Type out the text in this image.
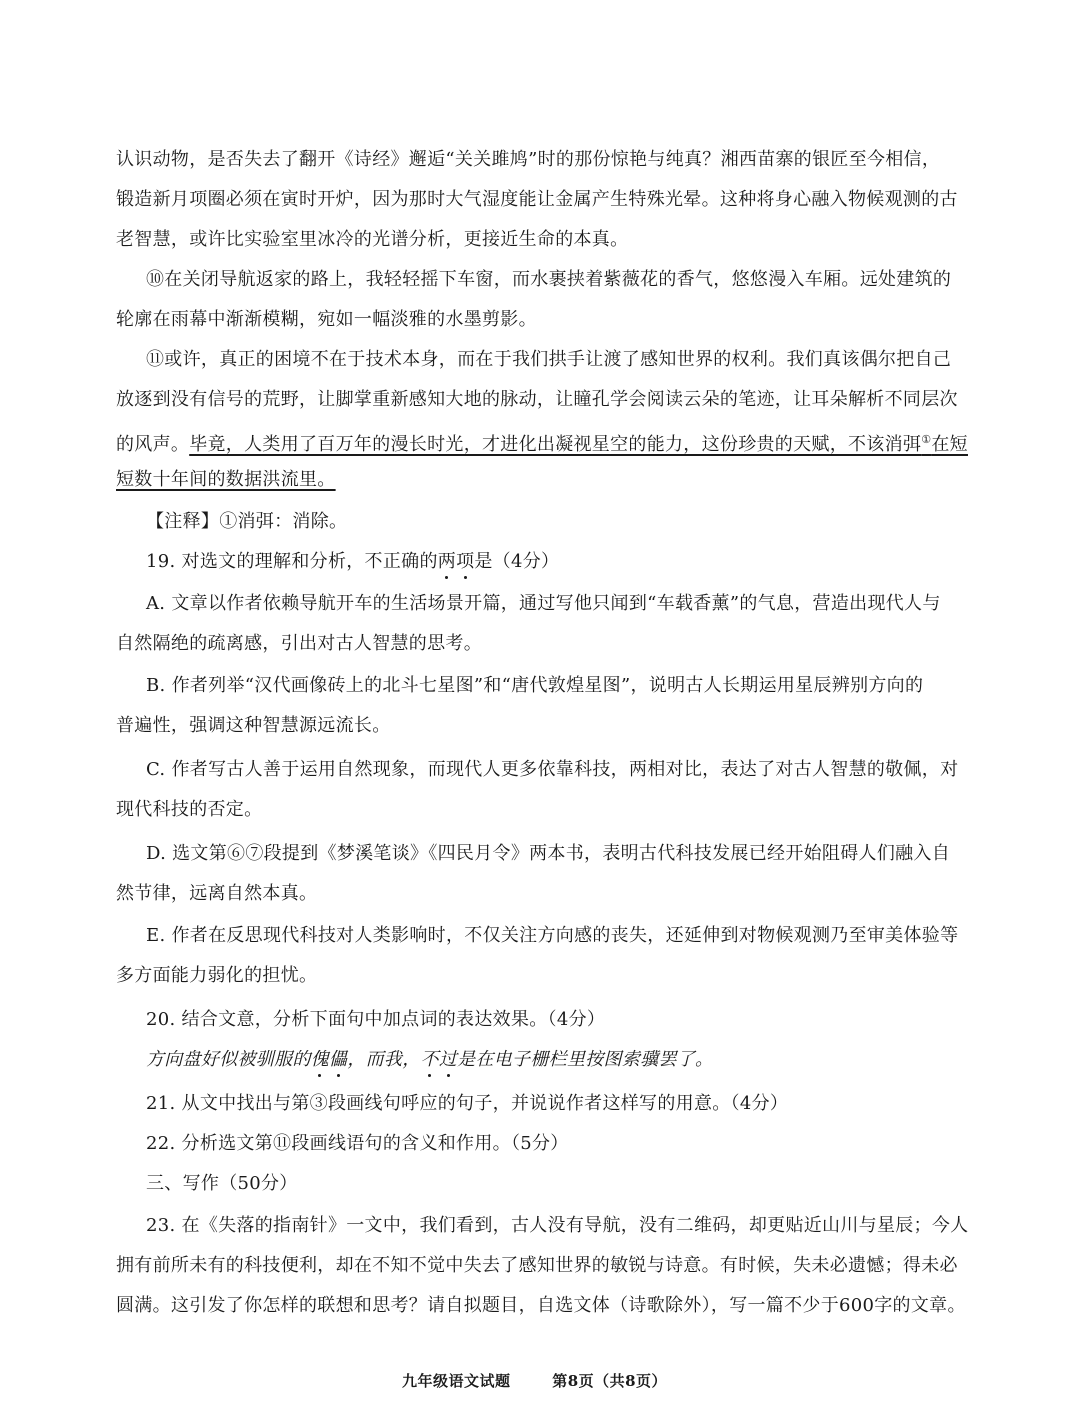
认识动物，是否失去了翻开《诗经》邂逅“关关雎鸠”时的那份惊艳与纯真？湘西苗寨的银匠至今相信，
锻造新月项圈必须在寅时开炉，因为那时大气湿度能让金属产生特殊光晕。这种将身心融入物候观测的古
老智慧，或许比实验室里冰冷的光谱分析，更接近生命的本真。
⑩在关闭导航返家的路上，我轻轻摇下车窗，而水裹挟着紫薇花的香气，悠悠漫入车厢。远处建筑的
轮廓在雨幕中渐渐模糊，宛如一幅淡雅的水墨剪影。
⑪或许，真正的困境不在于技术本身，而在于我们拱手让渡了感知世界的权利。我们真该偶尔把自己
放逐到没有信号的荒野，让脚掌重新感知大地的脉动，让瞳孔学会阅读云朵的笔迹，让耳朵解析不同层次
的风声。毕竟，人类用了百万年的漫长时光，才进化出凝视星空的能力，这份珍贵的天赋，不该消弭①在短
短数十年间的数据洪流里。
【注释】①消弭：消除。
19. 对选文的理解和分析，不正确的两项是（4分）
A. 文章以作者依赖导航开车的生活场景开篇，通过写他只闻到“车载香薰”的气息，营造出现代人与
自然隔绝的疏离感，引出对古人智慧的思考。
B. 作者列举“汉代画像砖上的北斗七星图”和“唐代敦煌星图”，说明古人长期运用星辰辨别方向的
普遍性，强调这种智慧源远流长。
C. 作者写古人善于运用自然现象，而现代人更多依靠科技，两相对比，表达了对古人智慧的敬佩，对
现代科技的否定。
D. 选文第⑥⑦段提到《梦溪笔谈》《四民月令》两本书，表明古代科技发展已经开始阻碍人们融入自
然节律，远离自然本真。
E. 作者在反思现代科技对人类影响时，不仅关注方向感的丧失，还延伸到对物候观测乃至审美体验等
多方面能力弱化的担忧。
20. 结合文意，分析下面句中加点词的表达效果。（4分）
方向盘好似被驯服的傀儡，而我，不过是在电子栅栏里按图索骥罢了。
21. 从文中找出与第③段画线句呼应的句子，并说说作者这样写的用意。（4分）
22. 分析选文第⑪段画线语句的含义和作用。（5分）
三、写作（50分）
23. 在《失落的指南针》一文中，我们看到，古人没有导航，没有二维码，却更贴近山川与星辰；今人
拥有前所未有的科技便利，却在不知不觉中失去了感知世界的敏锐与诗意。有时候，失未必遗憾；得未必
圆满。这引发了你怎样的联想和思考？请自拟题目，自选文体（诗歌除外），写一篇不少于600字的文章。
九年级语文试题	第8页（共8页）
